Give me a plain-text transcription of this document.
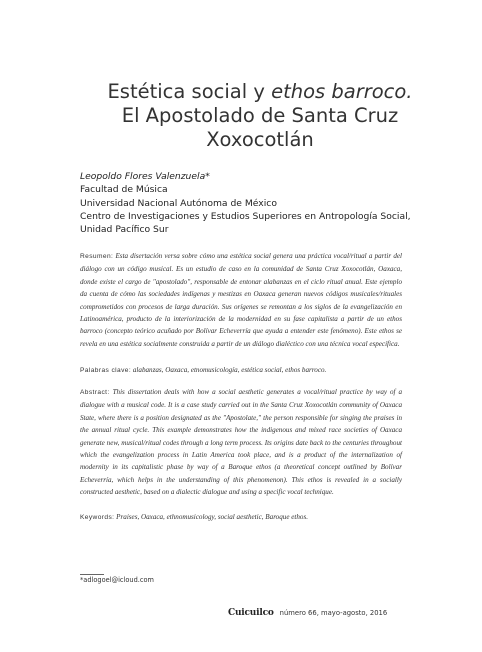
Estética social y ethos barroco.
El Apostolado de Santa Cruz
Xoxocotlán
Leopoldo Flores Valenzuela*
Facultad de Música
Universidad Nacional Autónoma de México
Centro de Investigaciones y Estudios Superiores en Antropología Social,
Unidad Pacífico Sur

Resumen: Esta disertación versa sobre cómo una estética social genera una práctica vocal/ritual a partir del diálogo con un código musical. Es un estudio de caso en la comunidad de Santa Cruz Xoxocotlán, Oaxaca, donde existe el cargo de "apostolado", responsable de entonar alabanzas en el ciclo ritual anual. Este ejemplo da cuenta de cómo las sociedades indígenas y mestizas en Oaxaca generan nuevos códigos musicales/rituales comprometidos con procesos de larga duración. Sus orígenes se remontan a los siglos de la evangelización en Latinoamérica, producto de la interiorización de la modernidad en su fase capitalista a partir de un ethos barroco (concepto teórico acuñado por Bolívar Echeverría que ayuda a entender este fenómeno). Este ethos se revela en una estética socialmente construida a partir de un diálogo dialéctico con una técnica vocal específica.

Palabras clave: alabanzas, Oaxaca, etnomusicología, estética social, ethos barroco.

Abstract: This dissertation deals with how a social aesthetic generates a vocal/ritual practice by way of a dialogue with a musical code. It is a case study carried out in the Santa Cruz Xoxocotlán community of Oaxaca State, where there is a position designated as the "Apostolate," the person responsible for singing the praises in the annual ritual cycle. This example demonstrates how the indigenous and mixed race societies of Oaxaca generate new, musical/ritual codes through a long term process. Its origins date back to the centuries throughout which the evangelization process in Latin America took place, and is a product of the internalization of modernity in its capitalistic phase by way of a Baroque ethos (a theoretical concept outlined by Bolívar Echeverría, which helps in the understanding of this phenomenon). This ethos is revealed in a socially constructed aesthetic, based on a dialectic dialogue and using a specific vocal technique.

Keywords: Praises, Oaxaca, ethnomusicology, social aesthetic, Baroque ethos.

*adlogoel@icloud.com
Cuicuilco número 66, mayo-agosto, 2016
